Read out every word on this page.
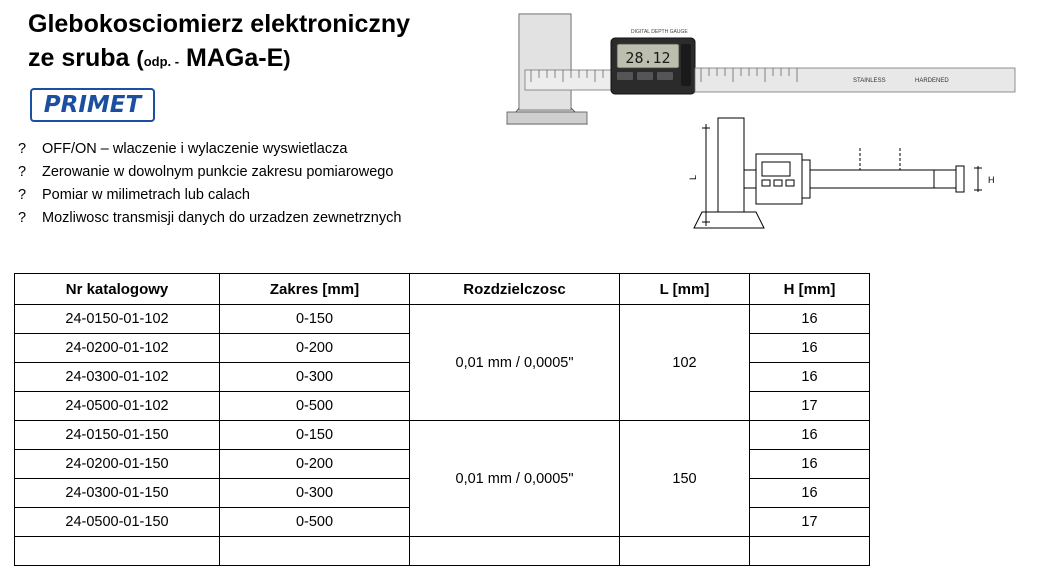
Glebokosciomierz elektroniczny
ze sruba (odp. - MAGa-E)
PRIMET
?	OFF/ON – wlaczenie i wylaczenie wyswietlacza
?	Zerowanie w dowolnym punkcie zakresu pomiarowego
?	Pomiar w milimetrach lub calach
?	Mozliwosc transmisji danych do urzadzen zewnetrznych
28.12
STAINLESS	HARDENED
DIGITAL DEPTH GAUGE
L	H
Nr katalogowy	Zakres [mm]	Rozdzielczosc	L [mm]	H [mm]
24-0150-01-102	0-150	0,01 mm / 0,0005"	102	16
24-0200-01-102	0-200			16
24-0300-01-102	0-300			16
24-0500-01-102	0-500			17
24-0150-01-150	0-150	0,01 mm / 0,0005"	150	16
24-0200-01-150	0-200			16
24-0300-01-150	0-300			16
24-0500-01-150	0-500			17
